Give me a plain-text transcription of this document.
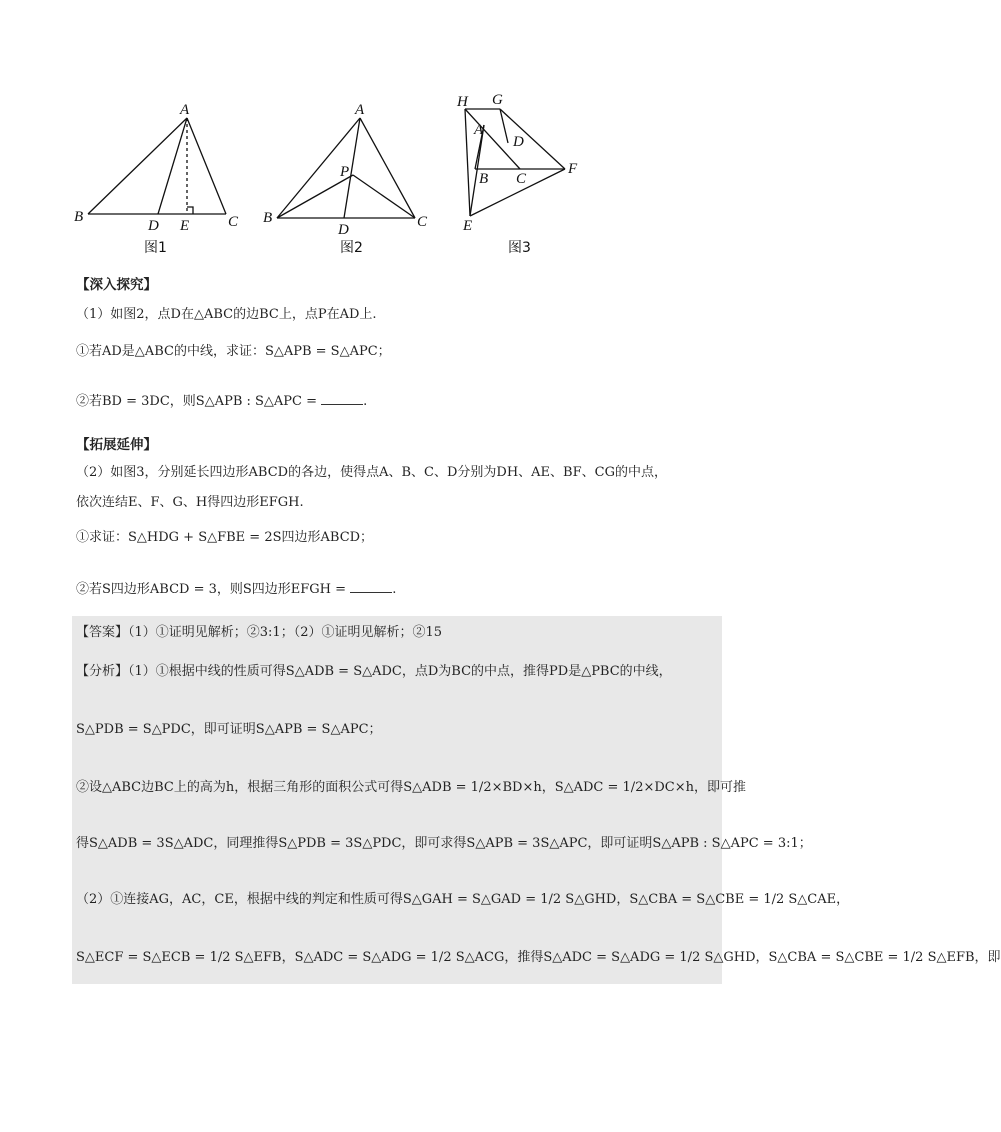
A
B	C
D E
图1
A
B	C
D
P
图2
H G
A
D
B C
F
E
图3
【深入探究】
（1）如图2，点D在△ABC的边BC上，点P在AD上.
①若AD是△ABC的中线，求证：S△APB = S△APC；
②若BD = 3DC，则S△APB : S△APC =	.
【拓展延伸】
（2）如图3，分别延长四边形ABCD的各边，使得点A、B、C、D分别为DH、AE、BF、CG的中点，
依次连结E、F、G、H得四边形EFGH.
①求证：S△HDG + S△FBE = 2S四边形ABCD；
②若S四边形ABCD = 3，则S四边形EFGH =	.
【答案】（1）①证明见解析；②3:1；（2）①证明见解析；②15
【分析】（1）①根据中线的性质可得S△ADB = S△ADC，点D为BC的中点，推得PD是△PBC的中线，
S△PDB = S△PDC，即可证明S△APB = S△APC；
②设△ABC边BC上的高为h，根据三角形的面积公式可得S△ADB = 1/2×BD×h，S△ADC = 1/2×DC×h，即可推
得S△ADB = 3S△ADC，同理推得S△PDB = 3S△PDC，即可求得S△APB = 3S△APC，即可证明S△APB : S△APC = 3:1；
（2）①连接AG，AC，CE，根据中线的判定和性质可得S△GAH = S△GAD = 1/2 S△GHD，S△CBA = S△CBE = 1/2 S△CAE，
S△ECF = S△ECB = 1/2 S△EFB，S△ADC = S△ADG = 1/2 S△ACG，推得S△ADC = S△ADG = 1/2 S△GHD，S△CBA = S△CBE = 1/2 S△EFB，即
